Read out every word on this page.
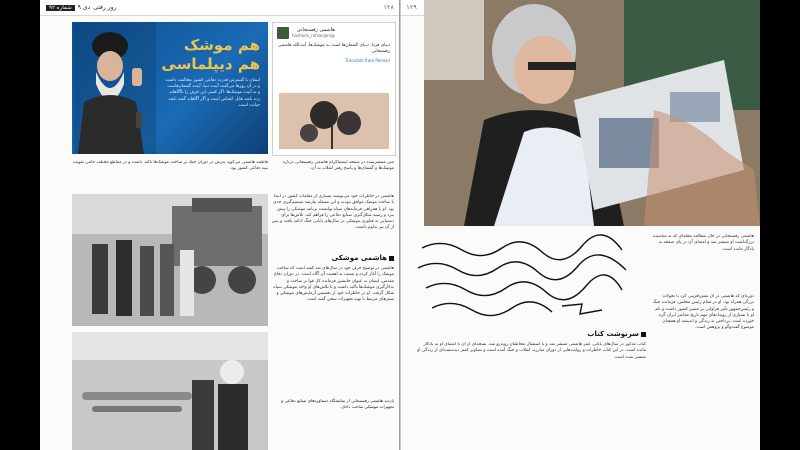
شماره ۹۲	۹ دی روز رفتی	۱۲۸
هم موشک
هم دیپلماسی
ایشان با گسترش قدرت دفاعی کشور مخالفت داشت و در آن روزها می‌گفت آینده دنیا، آینده گفتمان‌هاست و نه آینده موشک‌ها؛ اگر کسی این حرف را ناآگاهانه زده باشد قابل اغماض است و اگر آگاهانه گفته باشد خیانت است.
هاشمی رفسنجانی
@hashemi_rafsanjani
دنیای فردا، دنیای گفتمان‌ها است نه موشک‌ها، آیت‌الله هاشمی رفسنجانی
Translate from Persian
متن منتشرشده در صفحه اینستاگرام هاشمی رفسنجانی درباره موشک‌ها و گفتمان‌ها و پاسخ رهبر انقلاب به آن.
فاطمه هاشمی می‌گوید پدرش در دوران جنگ بر ساخت موشک‌ها تأکید داشت و در مقاطع مختلف حامی تقویت بنیه دفاعی کشور بود.
هاشمی موشکی
هاشمی در خاطرات خود می‌نویسد بسیاری از مقامات کشور در ابتدا با ساخت موشک موافق نبودند و این مسئله نیازمند تصمیم‌گیری جدی بود. او با همراهی فرماندهان سپاه توانست برنامه موشکی را پیش ببرد و زمینه شکل‌گیری صنایع دفاعی را فراهم کند. تلاش‌ها برای دستیابی به فناوری موشکی در سال‌های پایانی جنگ ادامه یافت و پس از آن نیز تداوم داشت.
هاشمی در توضیح حرف خود در سال‌های بعد گفته است که ساخت موشک را آغاز کرده و نسبت به اهمیت آن آگاه است. در دوران دفاع مقدس، ایشان به عنوان جانشین فرمانده کل قوا بر ساخت و به‌کارگیری موشک‌ها تأکید داشت و با تلاش‌های او واحد موشکی سپاه شکل گرفت. او در خاطرات خود از نخستین آزمایش‌های موشکی و سفرهای مرتبط با تهیه تجهیزات سخن گفته است.
بازدید هاشمی رفسنجانی از نمایشگاه دستاوردهای صنایع دفاعی و تجهیزات موشکی ساخت داخل.
۱۲۹
هاشمی رفسنجانی در حال مطالعه مجله‌ای که به مناسبت بزرگداشت او منتشر شد و امضای آن در پای صفحه به یادگار مانده است.
دوره‌ای که هاشمی در آن نقش‌آفرینی کرد با تحولات بزرگی همراه بود. او در مقام رئیس مجلس، فرمانده جنگ و رئیس‌جمهور تأثیر فراوانی بر مسیر کشور داشت و نام او با بسیاری از رویدادهای مهم تاریخ معاصر ایران گره خورده است. پرداختن به زندگی و اندیشه او همچنان موضوع گفت‌وگو و پژوهش است.
سرنوشت کتاب
کتاب مذکور در سال‌های پایانی عمر هاشمی منتشر شد و با استقبال مخاطبان روبه‌رو شد. نسخه‌ای از آن با امضای او به یادگار مانده است. در این کتاب خاطرات و روایت‌هایی از دوران مبارزه، انقلاب و جنگ آمده است و تصاویر کمتر دیده‌شده‌ای از زندگی او منتشر شده است.
